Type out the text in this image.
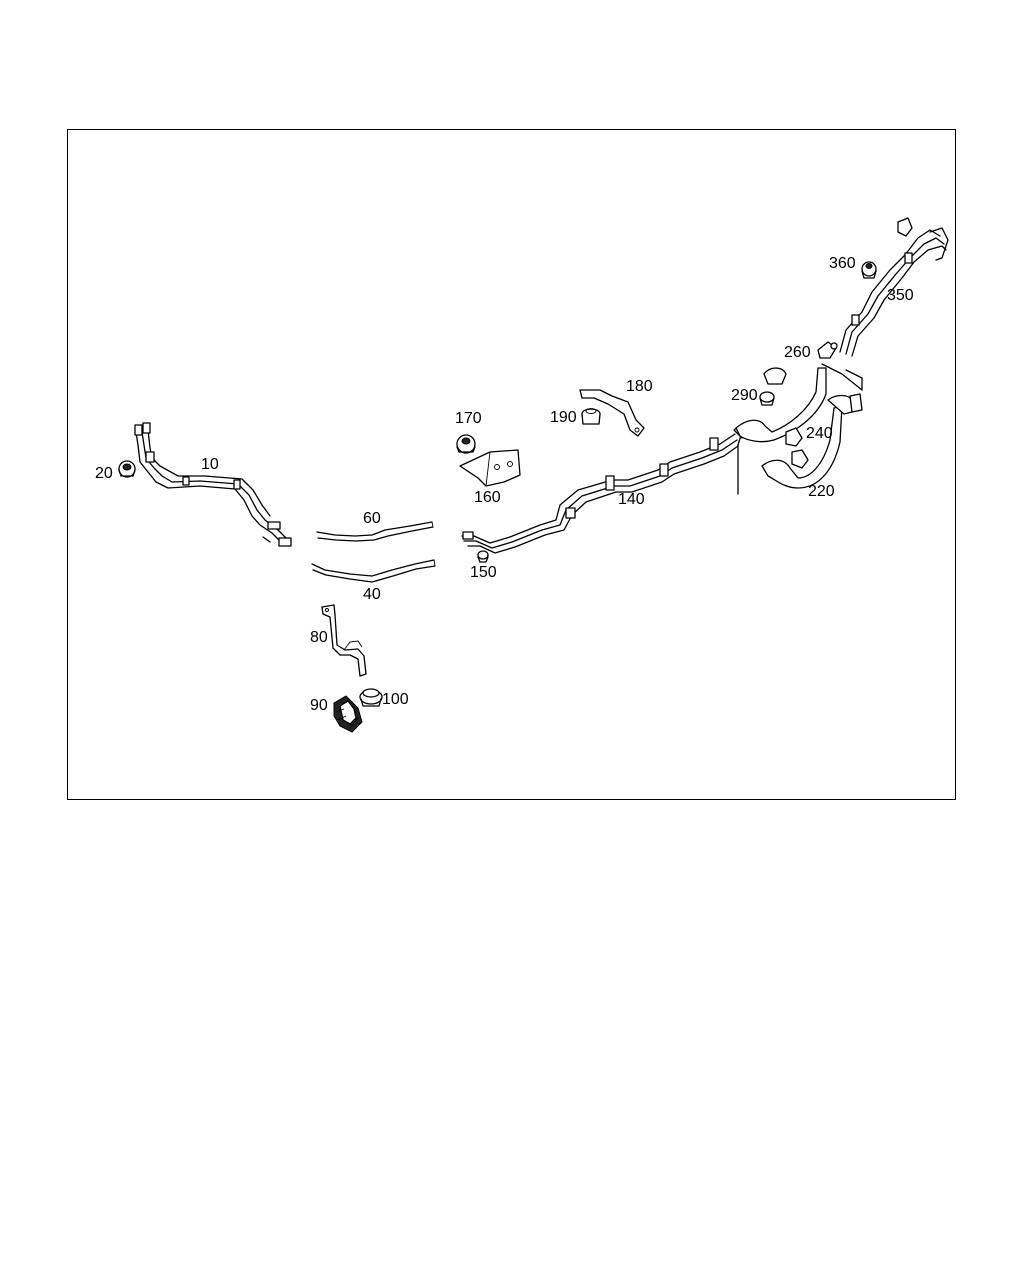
10
20
40
60
80
90	100
140
150
160
170
180
190
220
240
260
290
350
360
